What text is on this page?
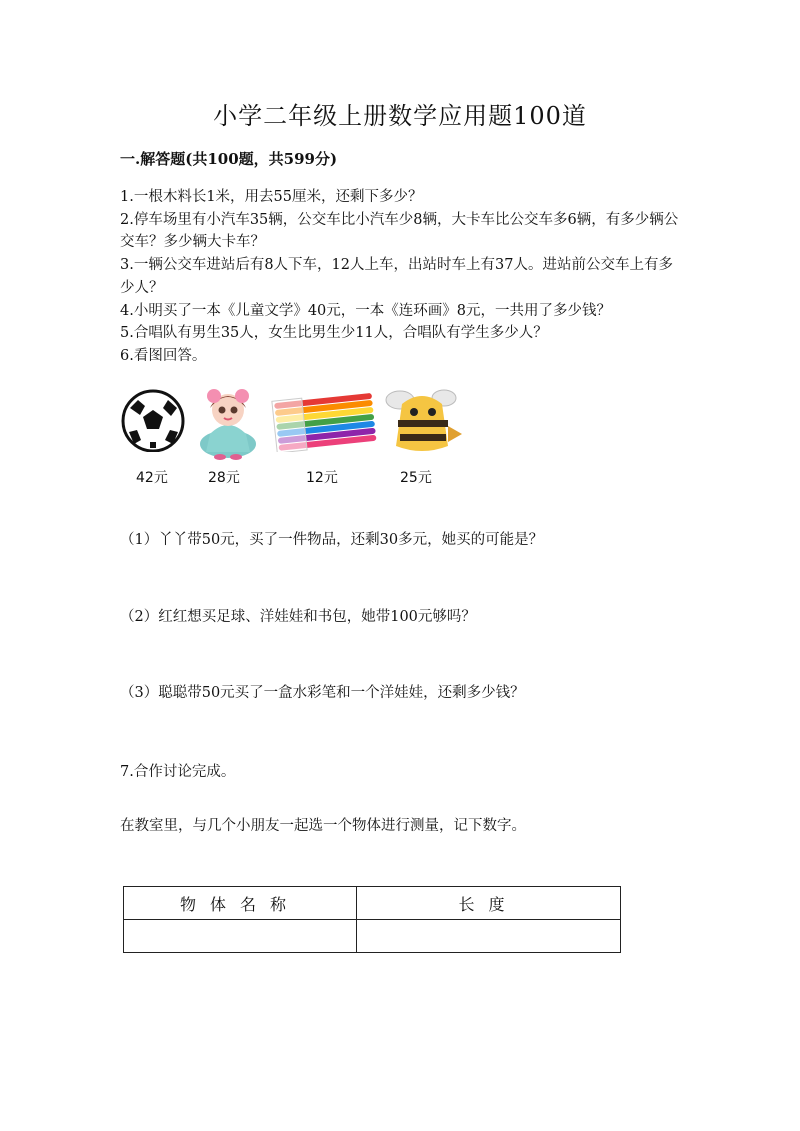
小学二年级上册数学应用题100道
一.解答题(共100题，共599分)

1.一根木料长1米，用去55厘米，还剩下多少？

2.停车场里有小汽车35辆，公交车比小汽车少8辆，大卡车比公交车多6辆，有多少辆公交车？多少辆大卡车？

3.一辆公交车进站后有8人下车，12人上车，出站时车上有37人。进站前公交车上有多少人？

4.小明买了一本《儿童文学》40元，一本《连环画》8元，一共用了多少钱？

5.合唱队有男生35人，女生比男生少11人，合唱队有学生多少人？

6.看图回答。

42元	28元	12元	25元
（1）丫丫带50元，买了一件物品，还剩30多元，她买的可能是？
（2）红红想买足球、洋娃娃和书包，她带100元够吗？
（3）聪聪带50元买了一盒水彩笔和一个洋娃娃，还剩多少钱？
7.合作讨论完成。
在教室里，与几个小朋友一起选一个物体进行测量，记下数字。
物体名称	长度
